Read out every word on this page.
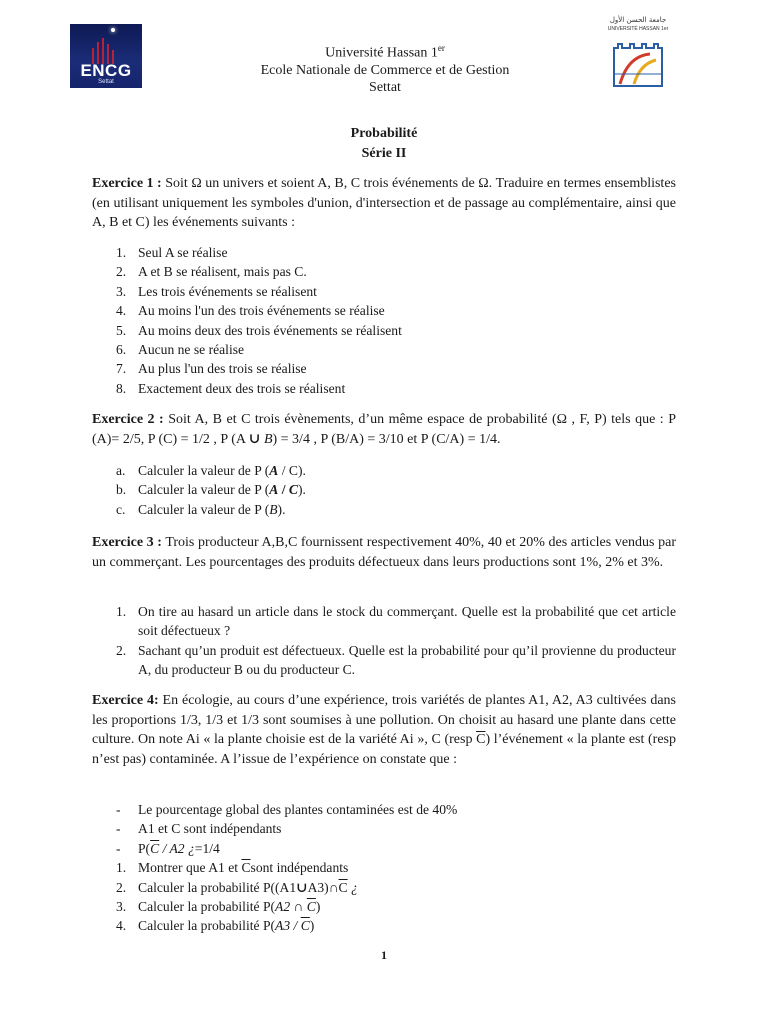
ENCG
Settat
جامعة الحسن الأول
UNIVERSITÉ HASSAN 1er
Université Hassan 1er
Ecole Nationale de Commerce et de Gestion
Settat
Probabilité
Série II
Exercice 1 : Soit Ω un univers et soient A, B, C trois événements de Ω. Traduire en termes ensemblistes (en utilisant uniquement les symboles d'union, d'intersection et de passage au complémentaire, ainsi que A, B et C) les événements suivants :
1. Seul A se réalise
2. A et B se réalisent, mais pas C.
3. Les trois événements se réalisent
4. Au moins l'un des trois événements se réalise
5. Au moins deux des trois événements se réalisent
6. Aucun ne se réalise
7. Au plus l'un des trois se réalise
8. Exactement deux des trois se réalisent
Exercice 2 : Soit A, B et C trois évènements, d’un même espace de probabilité (Ω , F, P) tels que : P (A)= 2/5, P (C) = 1/2 , P (A ∪ B) = 3/4 , P (B/A) = 3/10 et P (C/A) = 1/4.
a. Calculer la valeur de P (A / C).
b. Calculer la valeur de P (A / C).
c. Calculer la valeur de P (B).
Exercice 3 : Trois producteur A,B,C fournissent respectivement 40%, 40 et 20% des articles vendus par un commerçant. Les pourcentages des produits défectueux dans leurs productions sont 1%, 2% et 3%.
1. On tire au hasard un article dans le stock du commerçant. Quelle est la probabilité que cet article soit défectueux ?
2. Sachant qu’un produit est défectueux. Quelle est la probabilité pour qu’il provienne du producteur A, du producteur B ou du producteur C.
Exercice 4: En écologie, au cours d’une expérience, trois variétés de plantes A1, A2, A3 cultivées dans les proportions 1/3, 1/3 et 1/3 sont soumises à une pollution. On choisit au hasard une plante dans cette culture. On note Ai « la plante choisie est de la variété Ai », C (resp $\overline{C}$) l’événement « la plante est (resp n’est pas) contaminée. A l’issue de l’expérience on constate que :
- Le pourcentage global des plantes contaminées est de 40%
- A1 et C sont indépendants
- $P(\overline{C} / A2$ ¿=1/4
1. Montrer que A1 et $\overline{C}sont$ indépendants
2. Calculer la probabilité $P((A1\cup A3)\cap\overline{C}$ ¿
3. Calculer la probabilité P(A2 ∩ $\overline{C}$)
4. Calculer la probabilité $P(A3 / \overline{C})$
1
